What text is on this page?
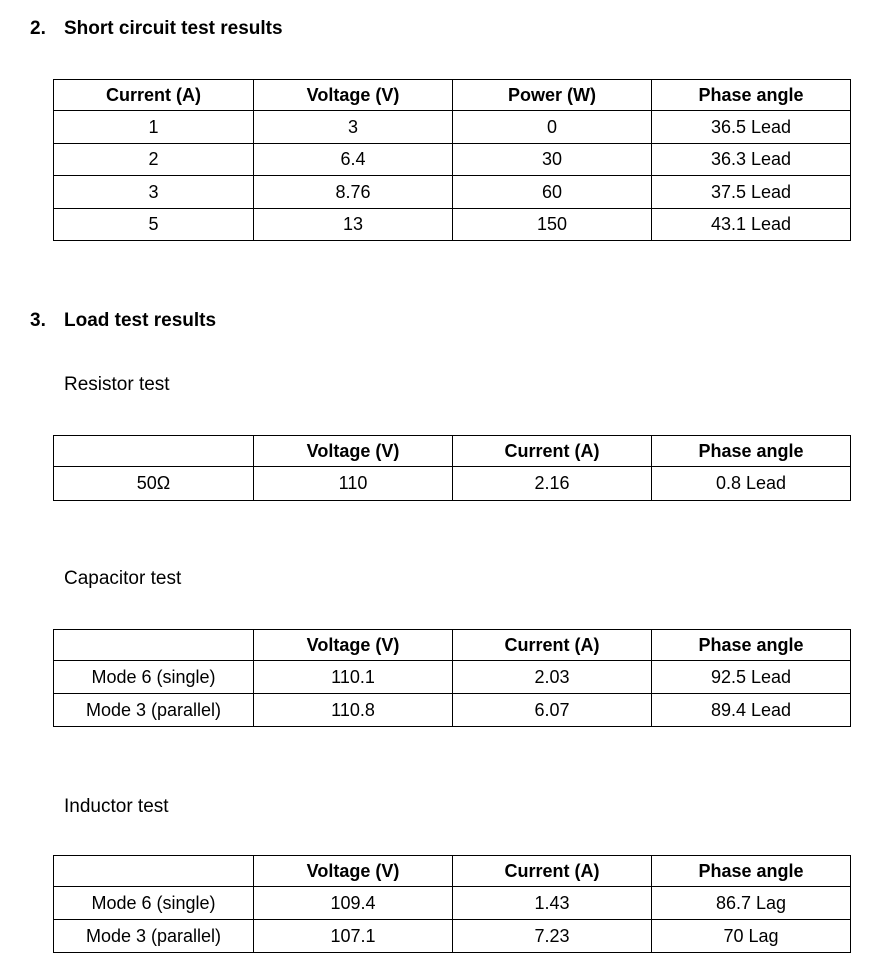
2. Short circuit test results
Current (A)	Voltage (V)	Power (W)	Phase angle
1	3	0	36.5 Lead
2	6.4	30	36.3 Lead
3	8.76	60	37.5 Lead
5	13	150	43.1 Lead
3. Load test results
Resistor test
	Voltage (V)	Current (A)	Phase angle
50Ω	110	2.16	0.8 Lead
Capacitor test
	Voltage (V)	Current (A)	Phase angle
Mode 6 (single)	110.1	2.03	92.5 Lead
Mode 3 (parallel)	110.8	6.07	89.4 Lead
Inductor test
	Voltage (V)	Current (A)	Phase angle
Mode 6 (single)	109.4	1.43	86.7 Lag
Mode 3 (parallel)	107.1	7.23	70 Lag
